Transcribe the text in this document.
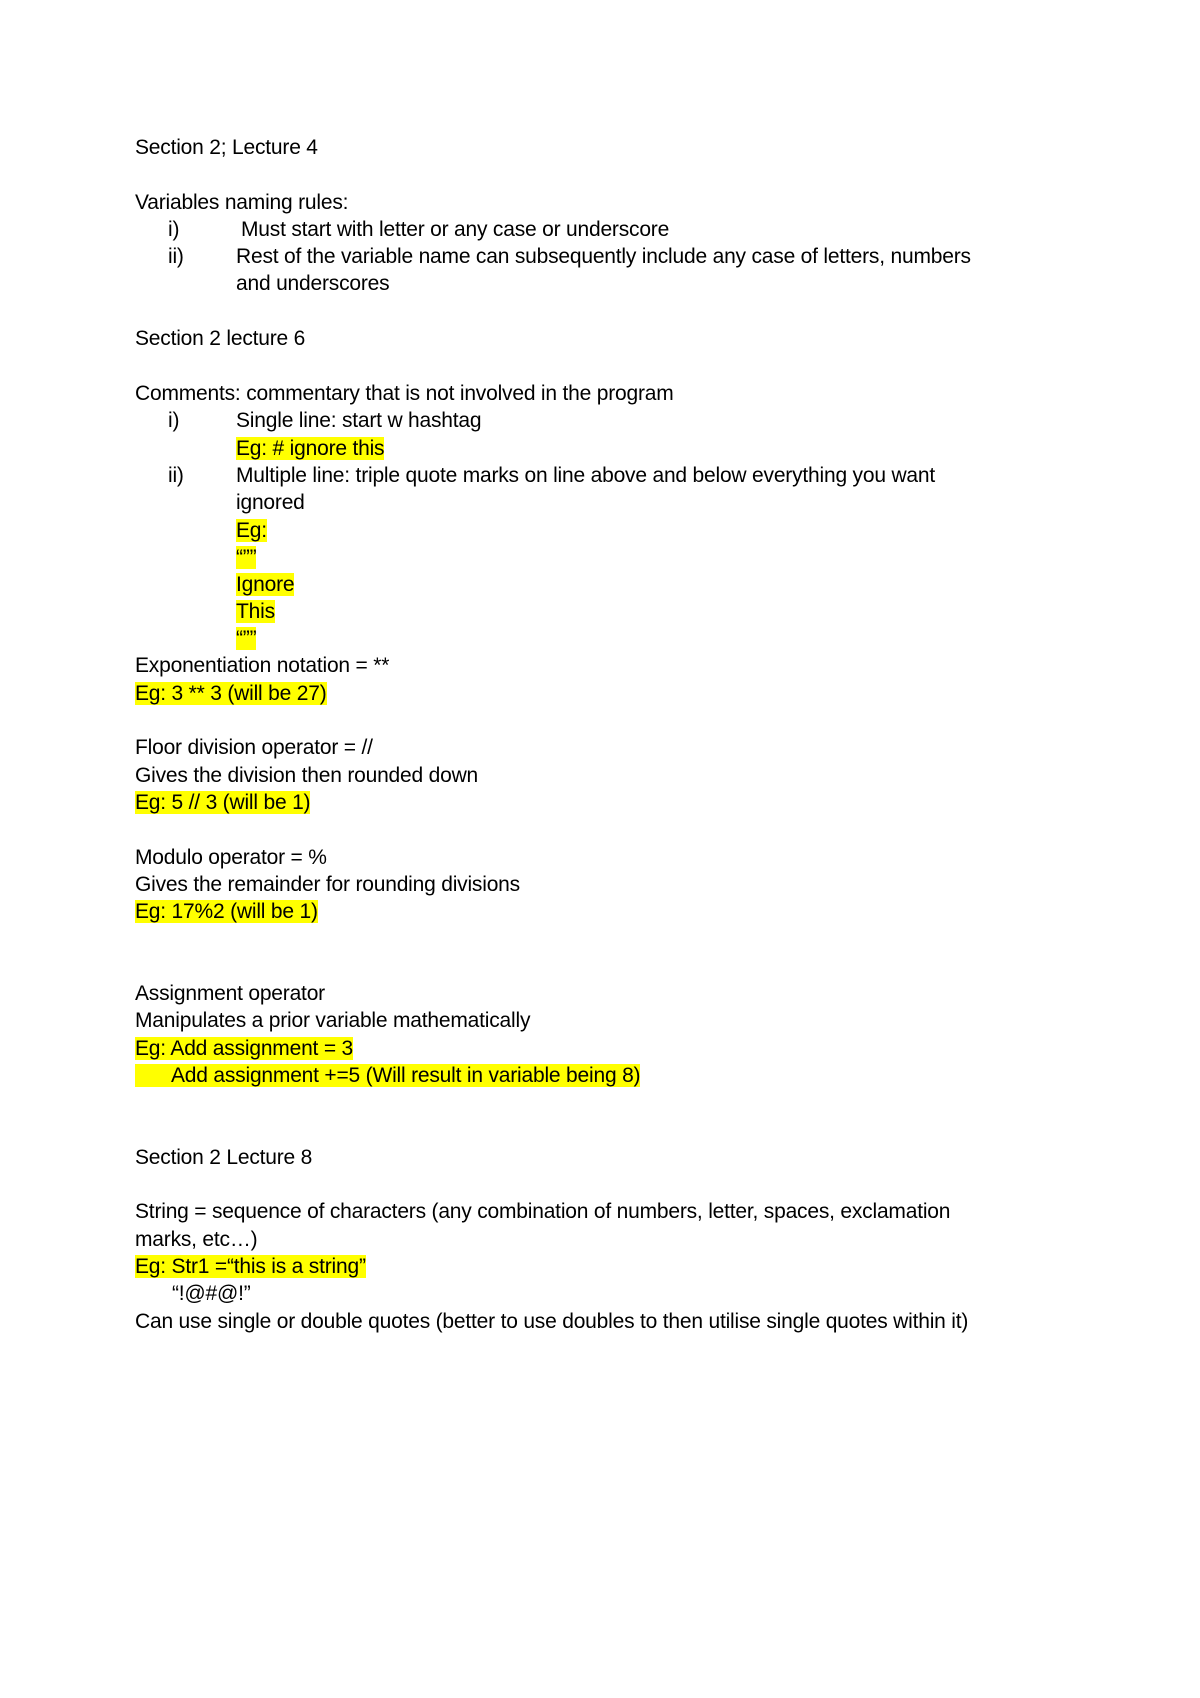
Section 2; Lecture 4
Variables naming rules:
i)	Must start with letter or any case or underscore
ii) Rest of the variable name can subsequently include any case of letters, numbers
and underscores
Section 2 lecture 6
Comments: commentary that is not involved in the program
i)	Single line: start w hashtag
Eg: # ignore this
ii) Multiple line: triple quote marks on line above and below everything you want
ignored
Eg:
“””
Ignore
This
“””
Exponentiation notation = **
Eg: 3 ** 3 (will be 27)
Floor division operator = //
Gives the division then rounded down
Eg: 5 // 3 (will be 1)
Modulo operator = %
Gives the remainder for rounding divisions
Eg: 17%2 (will be 1)
Assignment operator
Manipulates a prior variable mathematically
Eg: Add assignment = 3
Add assignment +=5 (Will result in variable being 8)
Section 2 Lecture 8
String = sequence of characters (any combination of numbers, letter, spaces, exclamation
marks, etc…)
Eg: Str1 =“this is a string”
“!@#@!”
Can use single or double quotes (better to use doubles to then utilise single quotes within it)
